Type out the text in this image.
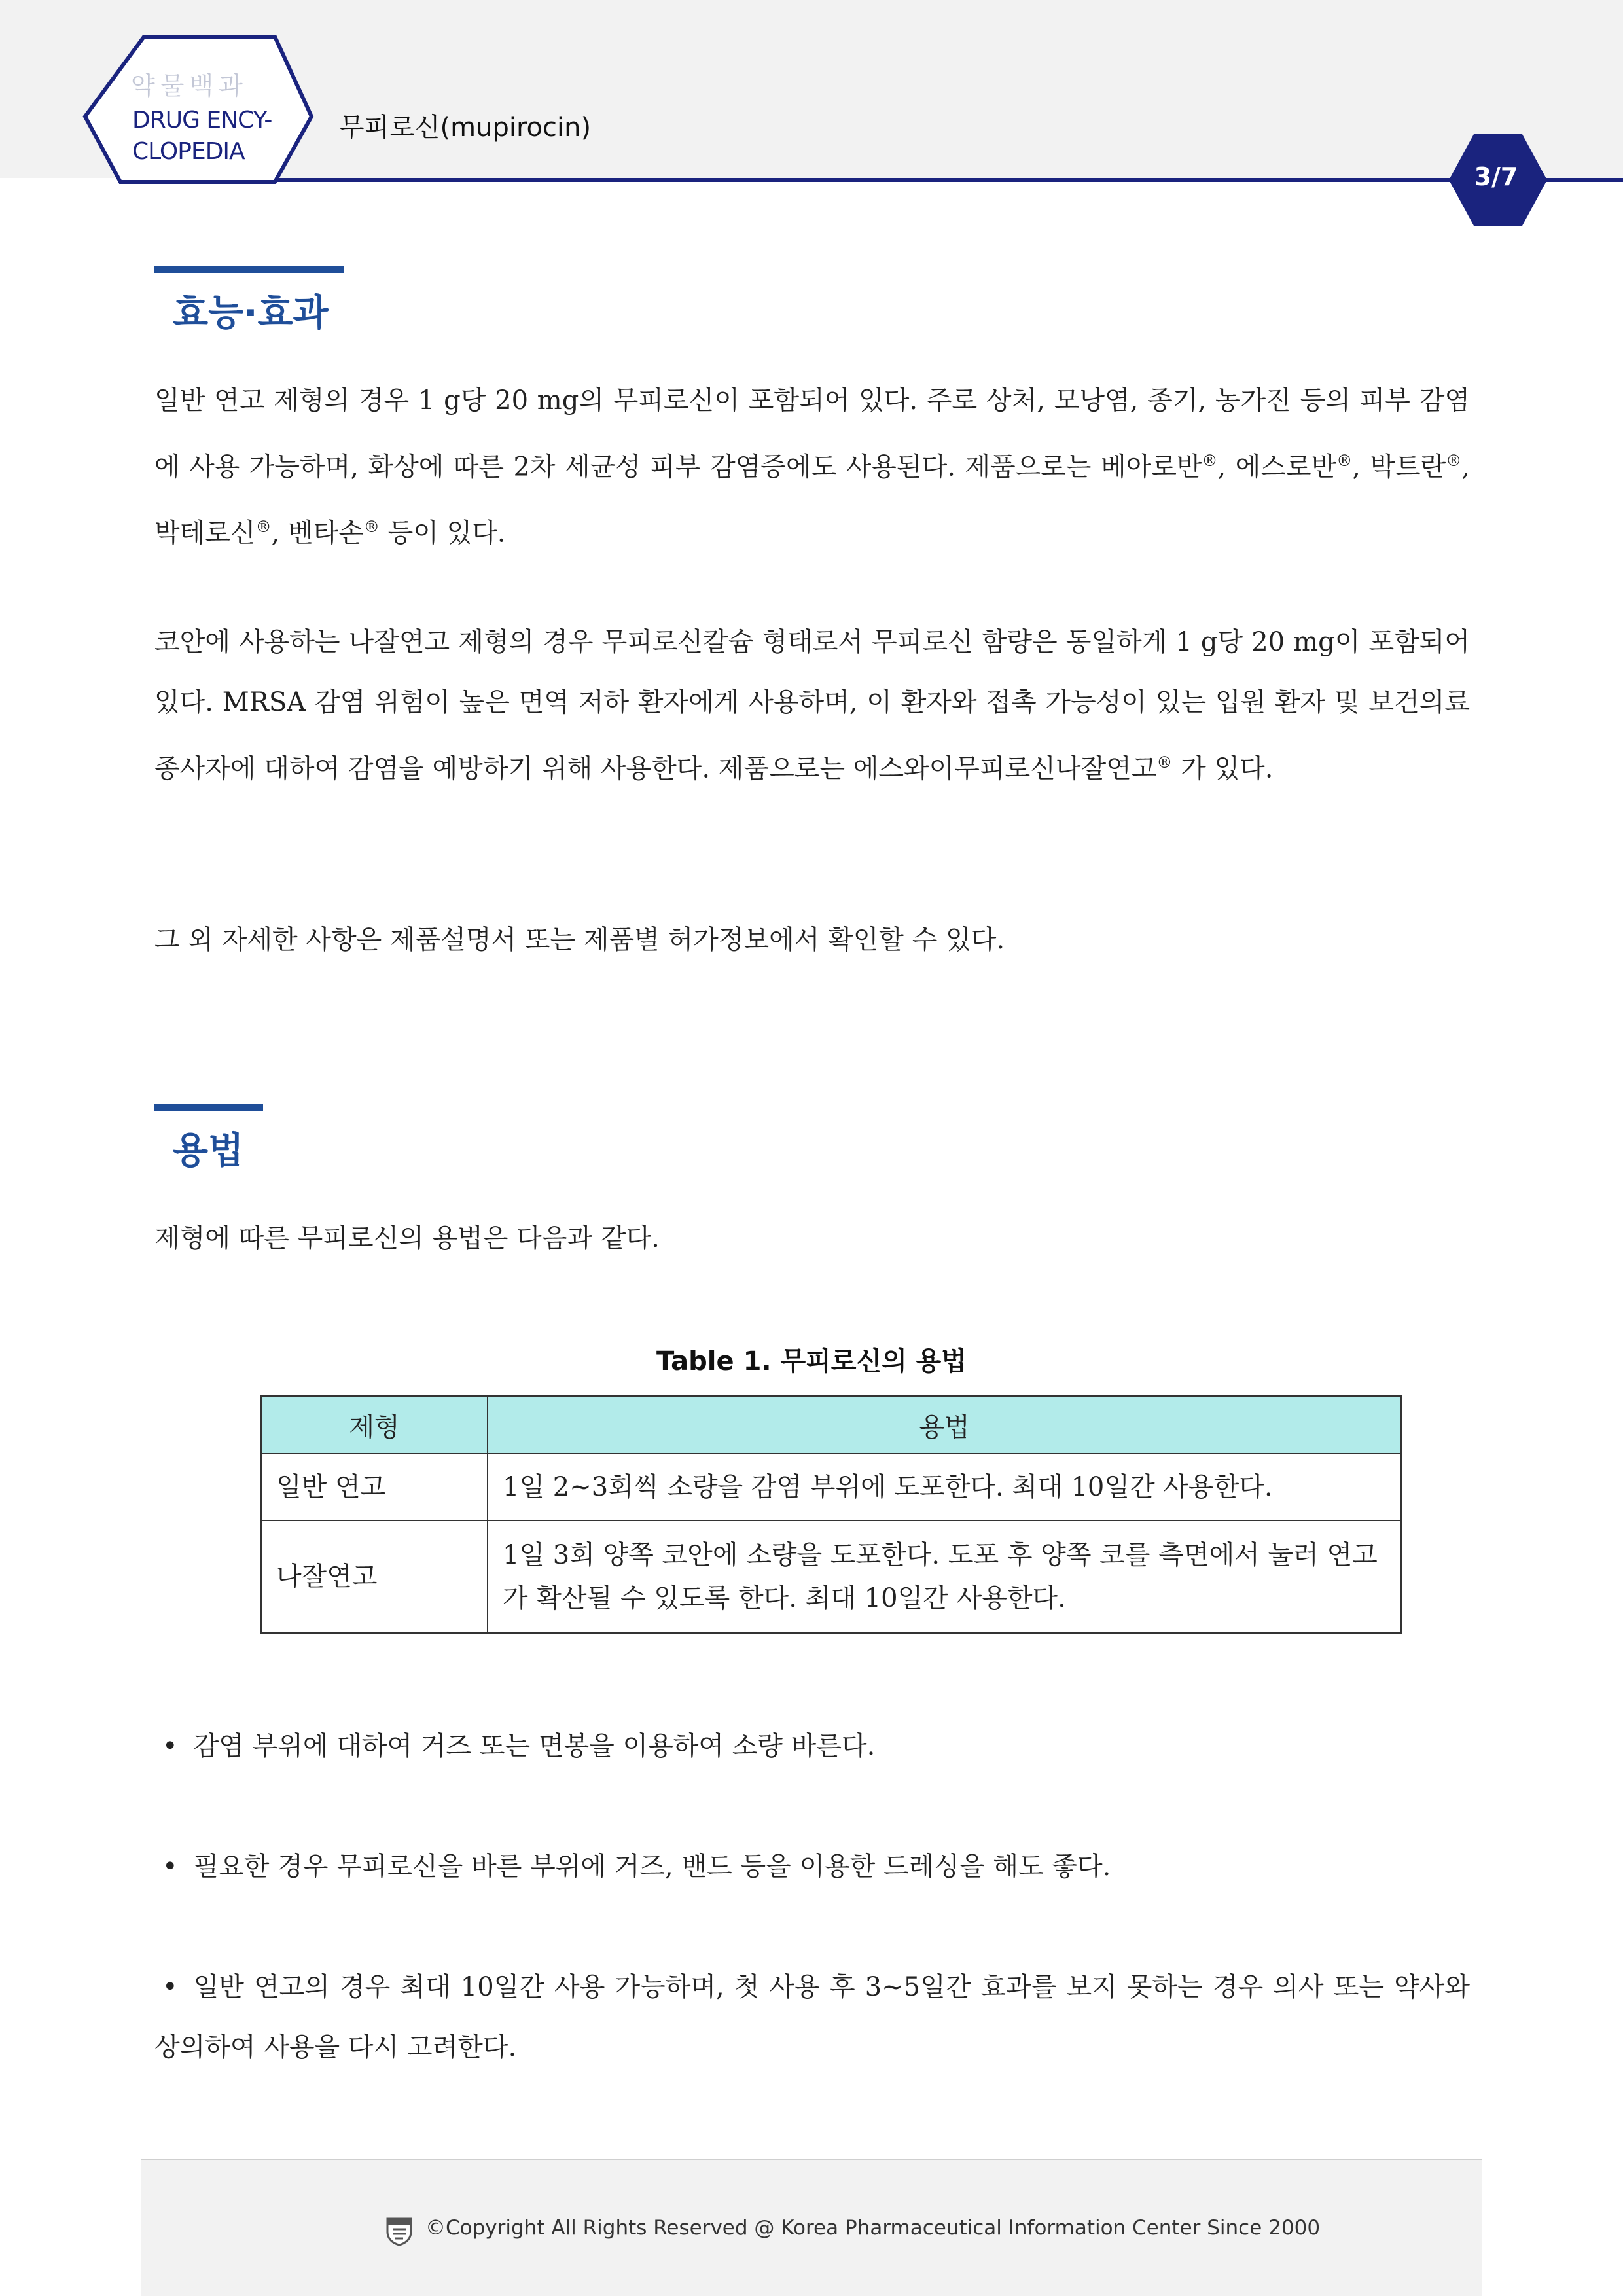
약물백과
DRUG ENCY-
CLOPEDIA
무피로신(mupirocin)
3/7
효능·효과

일반 연고 제형의 경우 1 g당 20 mg의 무피로신이 포함되어 있다. 주로 상처, 모낭염, 종기, 농가진 등의 피부 감염에 사용 가능하며, 화상에 따른 2차 세균성 피부 감염증에도 사용된다. 제품으로는 베아로반®, 에스로반®, 박트란®, 박테로신®, 벤타손® 등이 있다.

코안에 사용하는 나잘연고 제형의 경우 무피로신칼슘 형태로서 무피로신 함량은 동일하게 1 g당 20 mg이 포함되어 있다. MRSA 감염 위험이 높은 면역 저하 환자에게 사용하며, 이 환자와 접촉 가능성이 있는 입원 환자 및 보건의료 종사자에 대하여 감염을 예방하기 위해 사용한다. 제품으로는 에스와이무피로신나잘연고® 가 있다.

그 외 자세한 사항은 제품설명서 또는 제품별 허가정보에서 확인할 수 있다.

용법

제형에 따른 무피로신의 용법은 다음과 같다.

Table 1. 무피로신의 용법
제형	용법
일반 연고	1일 2~3회씩 소량을 감염 부위에 도포한다. 최대 10일간 사용한다.
나잘연고	1일 3회 양쪽 코안에 소량을 도포한다. 도포 후 양쪽 코를 측면에서 눌러 연고가 확산될 수 있도록 한다. 최대 10일간 사용한다.

• 감염 부위에 대하여 거즈 또는 면봉을 이용하여 소량 바른다.

• 필요한 경우 무피로신을 바른 부위에 거즈, 밴드 등을 이용한 드레싱을 해도 좋다.

• 일반 연고의 경우 최대 10일간 사용 가능하며, 첫 사용 후 3~5일간 효과를 보지 못하는 경우 의사 또는 약사와 상의하여 사용을 다시 고려한다.

©Copyright All Rights Reserved @ Korea Pharmaceutical Information Center Since 2000
